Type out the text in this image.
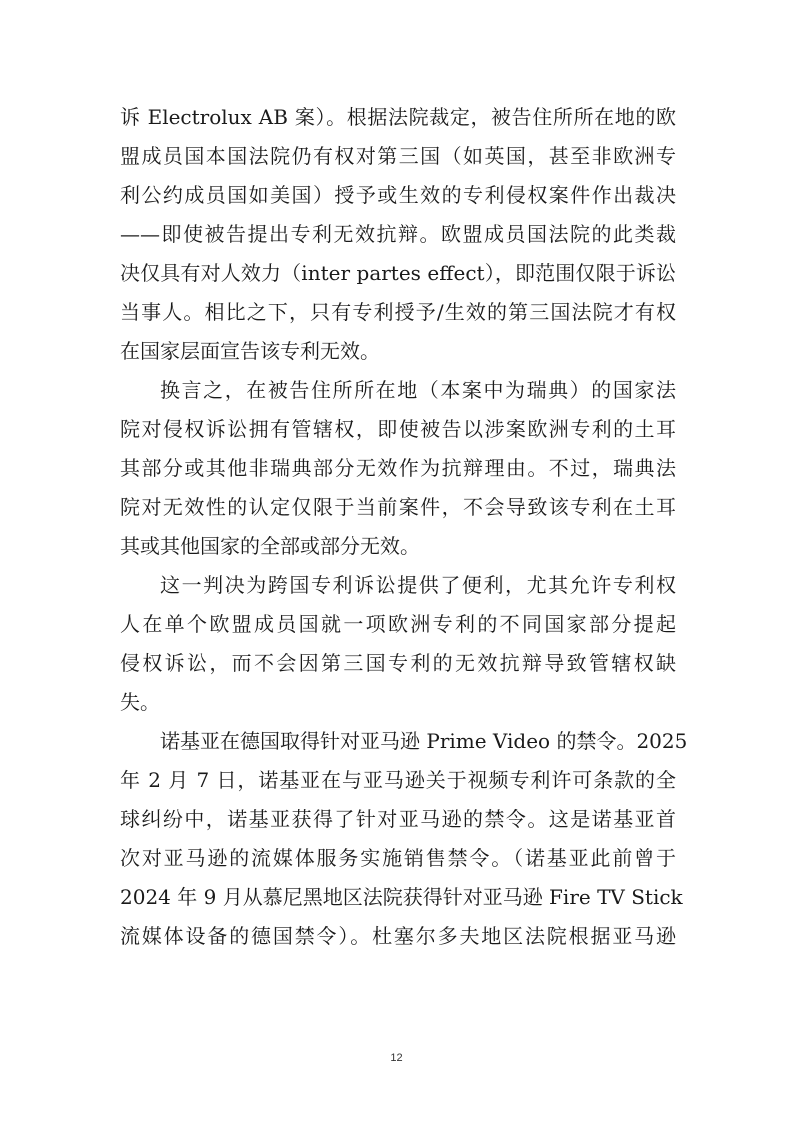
诉 Electrolux AB 案）。根据法院裁定，被告住所所在地的欧
盟成员国本国法院仍有权对第三国（如英国，甚至非欧洲专
利公约成员国如美国）授予或生效的专利侵权案件作出裁决
——即使被告提出专利无效抗辩。欧盟成员国法院的此类裁
决仅具有对人效力（inter partes effect），即范围仅限于诉讼
当事人。相比之下，只有专利授予/生效的第三国法院才有权
在国家层面宣告该专利无效。

换言之，在被告住所所在地（本案中为瑞典）的国家法
院对侵权诉讼拥有管辖权，即使被告以涉案欧洲专利的土耳
其部分或其他非瑞典部分无效作为抗辩理由。不过，瑞典法
院对无效性的认定仅限于当前案件，不会导致该专利在土耳
其或其他国家的全部或部分无效。

这一判决为跨国专利诉讼提供了便利，尤其允许专利权
人在单个欧盟成员国就一项欧洲专利的不同国家部分提起
侵权诉讼，而不会因第三国专利的无效抗辩导致管辖权缺
失。

诺基亚在德国取得针对亚马逊 Prime Video 的禁令。2025
年 2 月 7 日，诺基亚在与亚马逊关于视频专利许可条款的全
球纠纷中，诺基亚获得了针对亚马逊的禁令。这是诺基亚首
次对亚马逊的流媒体服务实施销售禁令。（诺基亚此前曾于
2024 年 9 月从慕尼黑地区法院获得针对亚马逊 Fire TV Stick
流媒体设备的德国禁令）。杜塞尔多夫地区法院根据亚马逊

12
